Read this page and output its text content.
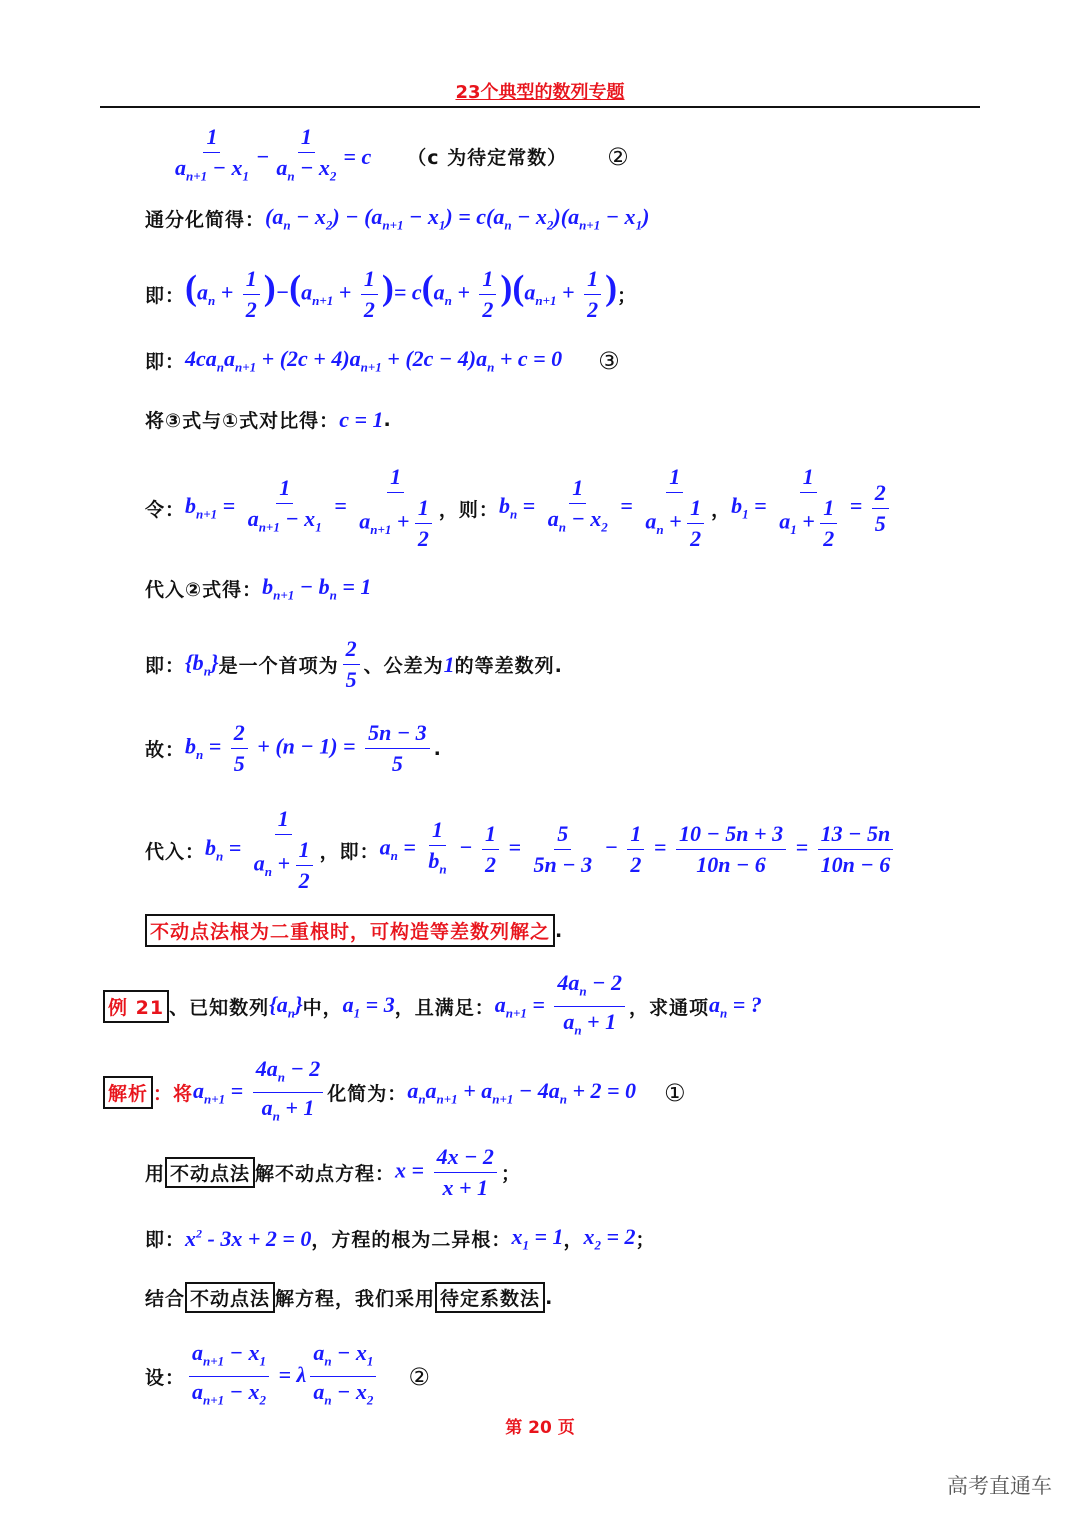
23个典型的数列专题
$\frac{1}{a_{n+1} - x_1} - \frac{1}{a_n - x_2} = c$ （c 为待定常数） ②
通分化简得： $(a_n - x_2) - (a_{n+1} - x_1) = c(a_n - x_2)(a_{n+1} - x_1)$
即： $(a_n + \frac{1}{2} )-(a_{n+1} + \frac{1}{2}$ )= $c(a_n + \frac{1}{2} )(a_{n+1} + \frac{1}{2}$ ) ；
即： $4ca_na_{n+1} + (2c + 4)a_{n+1} + (2c - 4)a_n + c = 0$ ③
将③式与①式对比得： c = 1 .
令： $b_{n+1} = \frac{1}{a_{n+1} - x_1} = \frac{1}{a_{n+1} + \frac{1}{2}}$ ，则： $b_n = \frac{1}{a_n - x_2} = \frac{1}{a_n + \frac{1}{2}}$ ， $b_1 = \frac{1}{a_1 + \frac{1}{2}} = \frac{2}{5}$
代入②式得： $b_{n+1} - b_n = 1$
即： $\{b_n\}$ 是一个首项为 $\frac{2}{5}$ 、公差为 1 的等差数列.
故： $b_n = \frac{2}{5} + (n - 1) = \frac{5n - 3}{5}$ .
代入： $b_n = \frac{1}{a_n + \frac{1}{2}}$ ，即： $a_n = \frac{1}{b_n} - \frac{1}{2} = \frac{5}{5n - 3} - \frac{1}{2} = \frac{10 - 5n + 3}{10n - 6} = \frac{13 - 5n}{10n - 6}$
不动点法根为二重根时，可构造等差数列解之 .
例 21 、已知数列 $\{a_n\}$ 中， $a_1 = 3$ ，且满足： $a_{n+1} = \frac{4a_n - 2}{a_n + 1}$ ，求通项 $a_n$ = ?
解析 ：将 $a_{n+1} = \frac{4a_n - 2}{a_n + 1}$ 化简为： $a_na_{n+1} + a_{n+1} - 4a_n + 2 = 0$ ①
用 不动点法 解不动点方程： $x = \frac{4x - 2}{x + 1}$ ；
即： $x^2 - 3x + 2 = 0$ ，方程的根为二异根： $x_1 = 1$ ， $x_2 = 2$ ；
结合 不动点法 解方程，我们采用 待定系数法 .
设： $\frac{a_{n+1} - x_1}{a_{n+1} - x_2} = \lambda \frac{a_n - x_1}{a_n - x_2}$ ②
第 20 页
高考直通车
